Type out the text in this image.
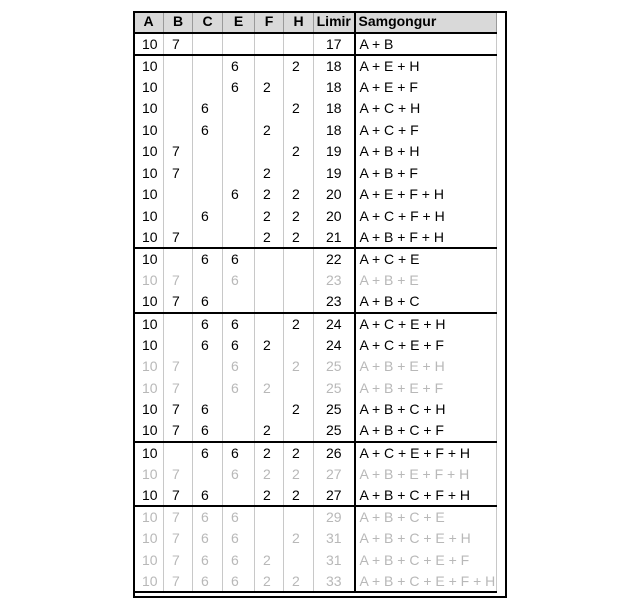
A	B	C	E	F	H	Limir	Samgongur
10	7					17	A + B
10			6		2	18	A + E + H
10			6	2		18	A + E + F
10		6			2	18	A + C + H
10		6		2		18	A + C + F
10	7				2	19	A + B + H
10	7			2		19	A + B + F
10			6	2	2	20	A + E + F + H
10		6		2	2	20	A + C + F + H
10	7			2	2	21	A + B + F + H
10		6	6			22	A + C + E
10	7		6			23	A + B + E
10	7	6				23	A + B + C
10		6	6		2	24	A + C + E + H
10		6	6	2		24	A + C + E + F
10	7		6		2	25	A + B + E + H
10	7		6	2		25	A + B + E + F
10	7	6			2	25	A + B + C + H
10	7	6		2		25	A + B + C + F
10		6	6	2	2	26	A + C + E + F + H
10	7		6	2	2	27	A + B + E + F + H
10	7	6		2	2	27	A + B + C + F + H
10	7	6	6			29	A + B + C + E
10	7	6	6		2	31	A + B + C + E + H
10	7	6	6	2		31	A + B + C + E + F
10	7	6	6	2	2	33	A + B + C + E + F + H
